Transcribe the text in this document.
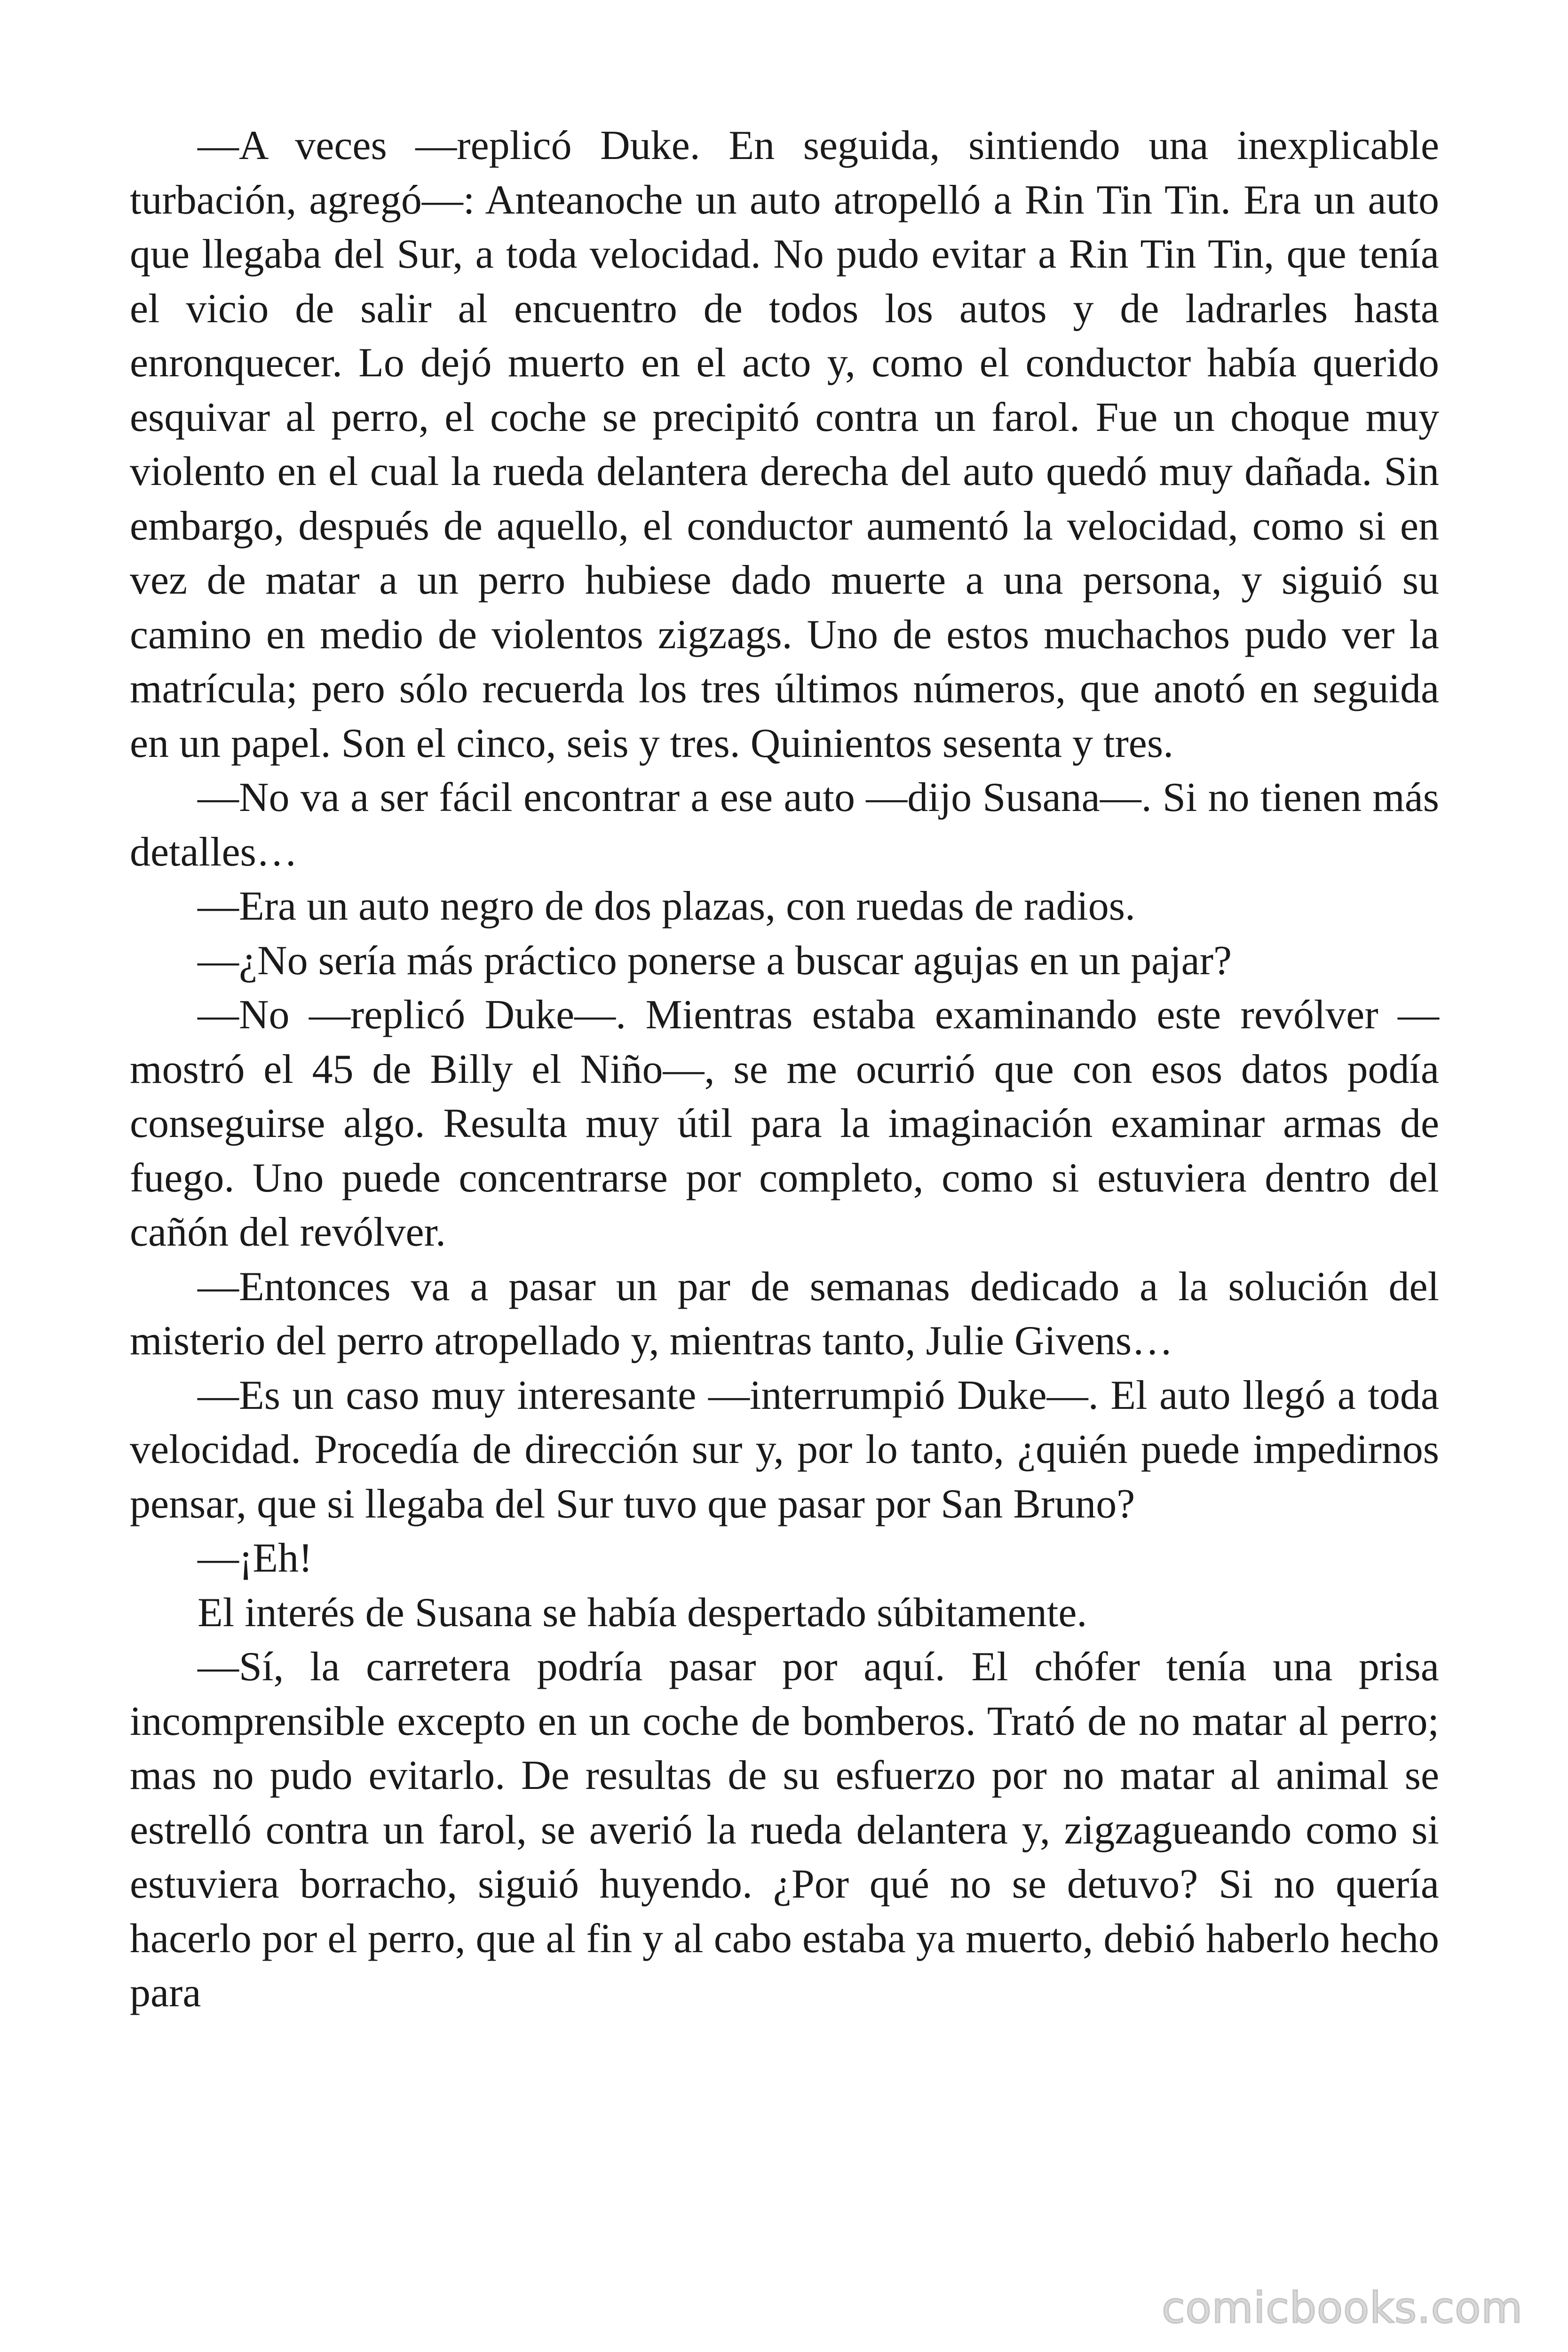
—A veces —replicó Duke. En seguida, sintiendo una inexplicable turbación, agregó—: Anteanoche un auto atropelló a Rin Tin Tin. Era un auto que llegaba del Sur, a toda velocidad. No pudo evitar a Rin Tin Tin, que tenía el vicio de salir al encuentro de todos los autos y de ladrarles hasta enronquecer. Lo dejó muerto en el acto y, como el conductor había querido esquivar al perro, el coche se precipitó contra un farol. Fue un choque muy violento en el cual la rueda delantera derecha del auto quedó muy dañada. Sin embargo, después de aquello, el conductor aumentó la velocidad, como si en vez de matar a un perro hubiese dado muerte a una persona, y siguió su camino en medio de violentos zigzags. Uno de estos muchachos pudo ver la matrícula; pero sólo recuerda los tres últimos números, que anotó en seguida en un papel. Son el cinco, seis y tres. Quinientos sesenta y tres.

—No va a ser fácil encontrar a ese auto —dijo Susana—. Si no tienen más detalles…

—Era un auto negro de dos plazas, con ruedas de radios.

—¿No sería más práctico ponerse a buscar agujas en un pajar?

—No —replicó Duke—. Mientras estaba examinando este revólver —mostró el 45 de Billy el Niño—, se me ocurrió que con esos datos podía conseguirse algo. Resulta muy útil para la imaginación examinar armas de fuego. Uno puede concentrarse por completo, como si estuviera dentro del cañón del revólver.

—Entonces va a pasar un par de semanas dedicado a la solución del misterio del perro atropellado y, mientras tanto, Julie Givens…

—Es un caso muy interesante —interrumpió Duke—. El auto llegó a toda velocidad. Procedía de dirección sur y, por lo tanto, ¿quién puede impedirnos pensar, que si llegaba del Sur tuvo que pasar por San Bruno?

—¡Eh!

El interés de Susana se había despertado súbitamente.

—Sí, la carretera podría pasar por aquí. El chófer tenía una prisa incomprensible excepto en un coche de bomberos. Trató de no matar al perro; mas no pudo evitarlo. De resultas de su esfuerzo por no matar al animal se estrelló contra un farol, se averió la rueda delantera y, zigzagueando como si estuviera borracho, siguió huyendo. ¿Por qué no se detuvo? Si no quería hacerlo por el perro, que al fin y al cabo estaba ya muerto, debió haberlo hecho para

comicbooks.com
